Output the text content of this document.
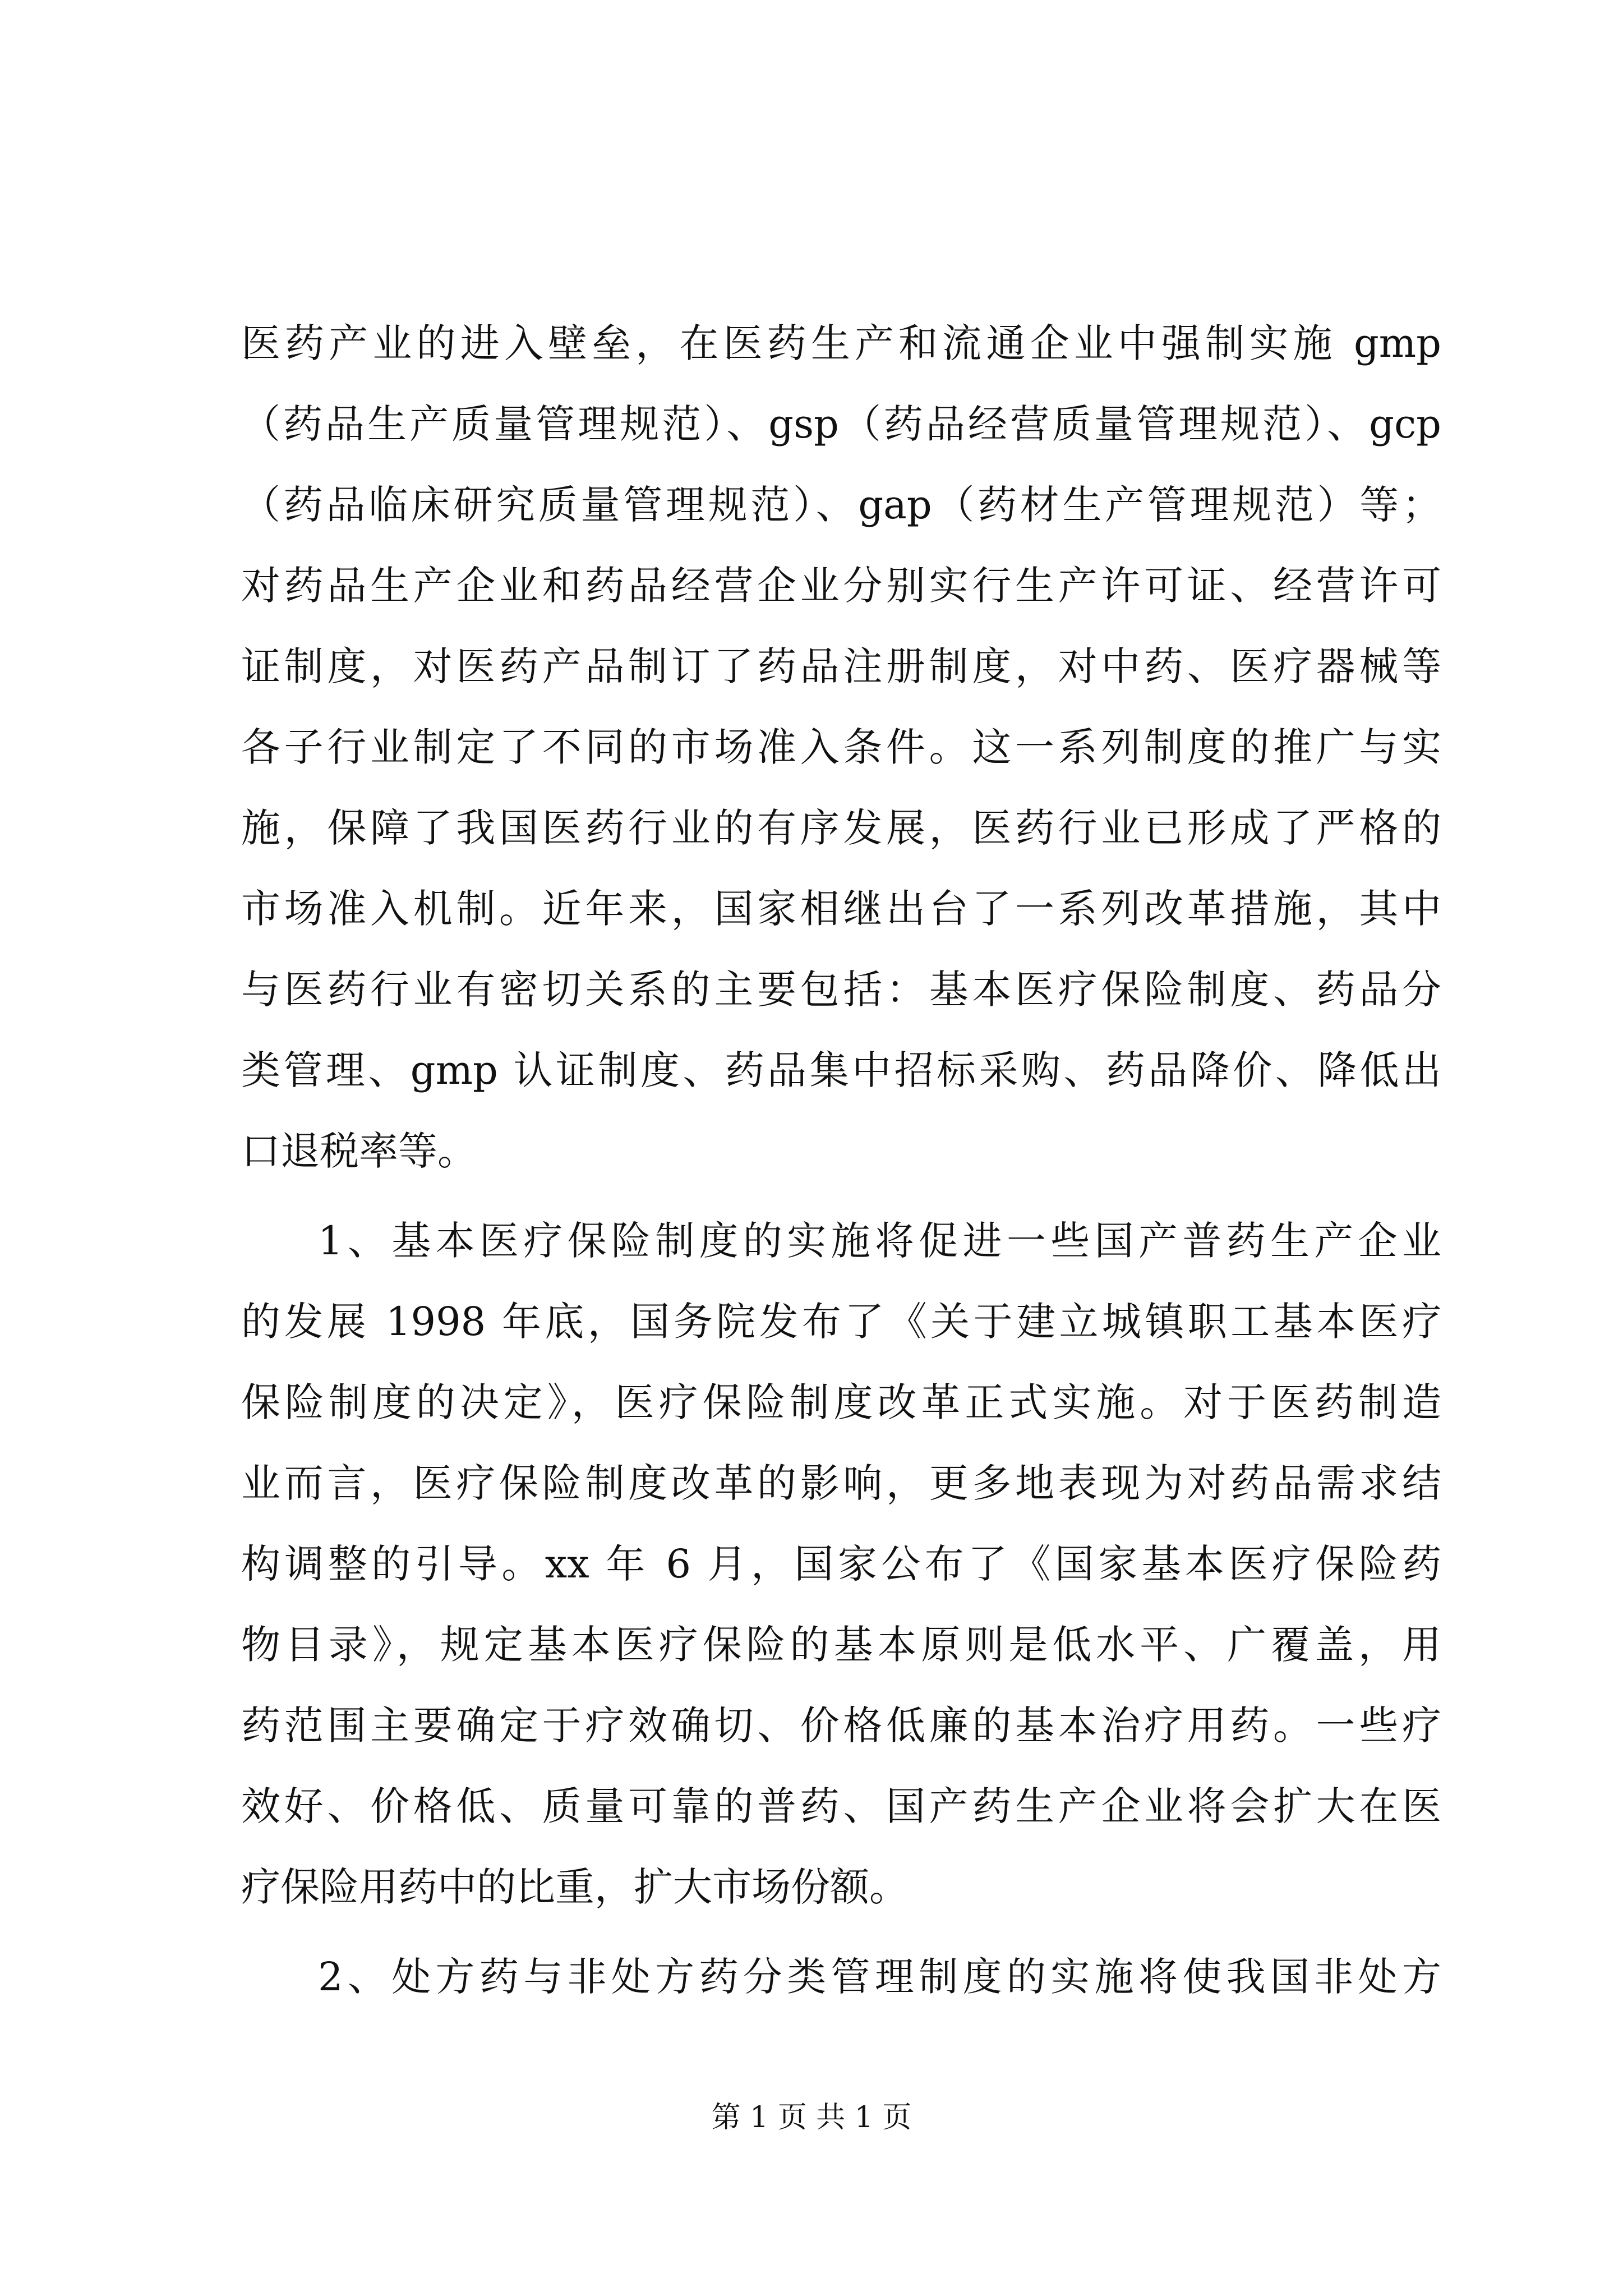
医药产业的进入壁垒，在医药生产和流通企业中强制实施 gmp
（药品生产质量管理规范）、gsp（药品经营质量管理规范）、gcp
（药品临床研究质量管理规范）、gap（药材生产管理规范）等；
对药品生产企业和药品经营企业分别实行生产许可证、经营许可
证制度，对医药产品制订了药品注册制度，对中药、医疗器械等
各子行业制定了不同的市场准入条件。这一系列制度的推广与实
施，保障了我国医药行业的有序发展，医药行业已形成了严格的
市场准入机制。近年来，国家相继出台了一系列改革措施，其中
与医药行业有密切关系的主要包括：基本医疗保险制度、药品分
类管理、gmp 认证制度、药品集中招标采购、药品降价、降低出
口退税率等。
1、基本医疗保险制度的实施将促进一些国产普药生产企业
的发展 1998 年底，国务院发布了《关于建立城镇职工基本医疗
保险制度的决定》，医疗保险制度改革正式实施。对于医药制造
业而言，医疗保险制度改革的影响，更多地表现为对药品需求结
构调整的引导。xx 年 6 月，国家公布了《国家基本医疗保险药
物目录》，规定基本医疗保险的基本原则是低水平、广覆盖，用
药范围主要确定于疗效确切、价格低廉的基本治疗用药。一些疗
效好、价格低、质量可靠的普药、国产药生产企业将会扩大在医
疗保险用药中的比重，扩大市场份额。
2、处方药与非处方药分类管理制度的实施将使我国非处方
第 1 页 共 1 页
